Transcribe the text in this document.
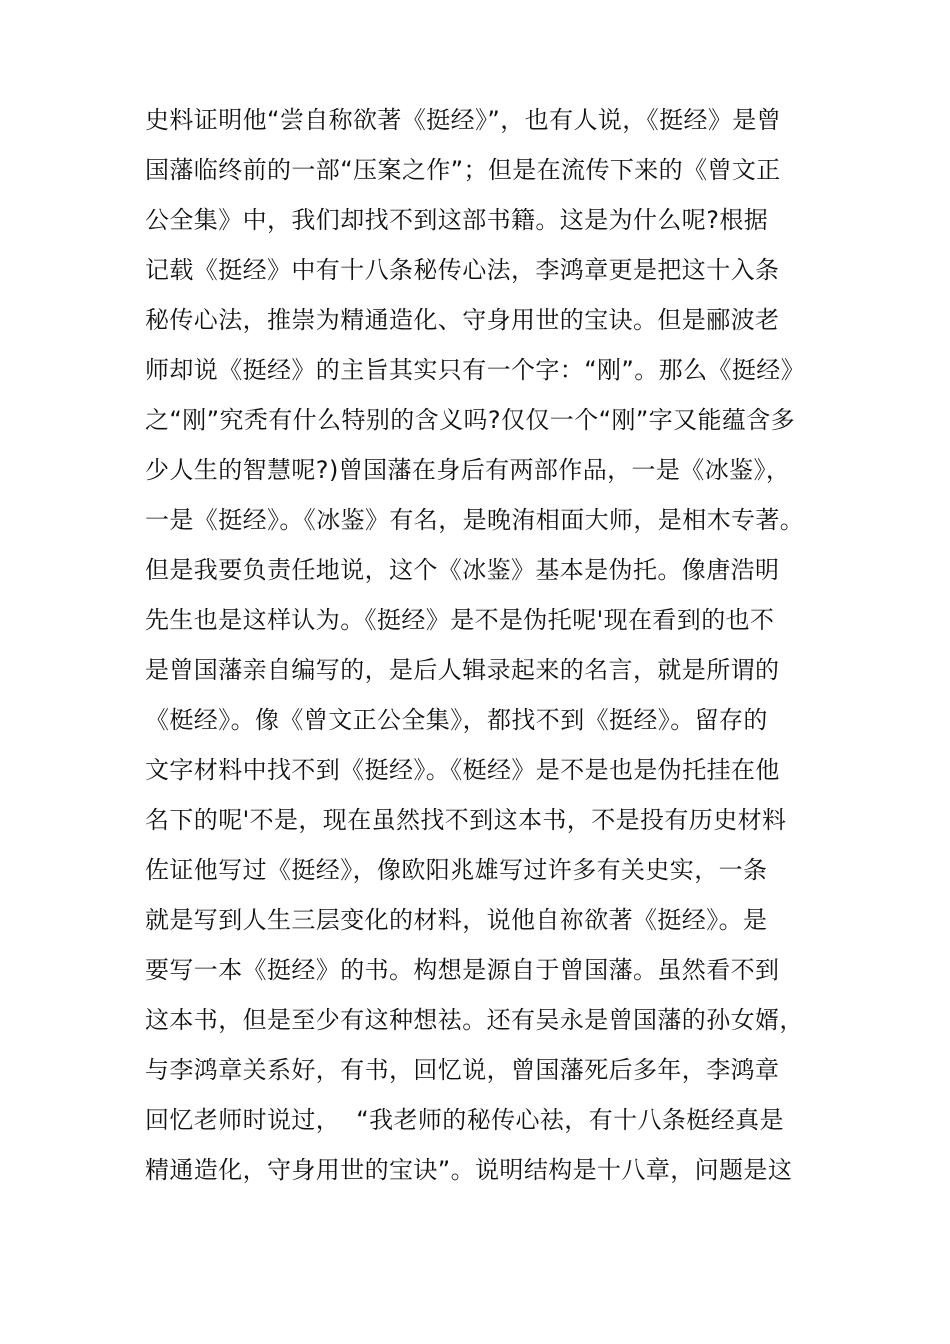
史料证明他“尝自称欲著《挺经》”，也有人说，《挺经》是曾
国藩临终前的一部“压案之作”；但是在流传下来的《曾文正
公全集》中，我们却找不到这部书籍。这是为什么呢?根据
记载《挺经》中有十八条秘传心法，李鸿章更是把这十入条
秘传心法，推崇为精通造化、守身用世的宝诀。但是郦波老
师却说《挺经》的主旨其实只有一个字：“刚”。那么《挺经》
之“刚”究秃有什么特别的含义吗?仅仅一个“刚”字又能蕴含多
少人生的智慧呢?)曾国藩在身后有两部作品，一是《冰鉴》，
一是《挺经》。《冰鉴》有名，是晚洧相面大师，是相木专著。
但是我要负责任地说，这个《冰鉴》基本是伪托。像唐浩明
先生也是这样认为。《挺经》是不是伪托呢'现在看到的也不
是曾国藩亲自编写的，是后人辑录起来的名言，就是所谓的
《梃经》。像《曾文正公全集》，都找不到《挺经》。留存的
文字材料中找不到《挺经》。《梃经》是不是也是伪托挂在他
名下的呢'不是，现在虽然找不到这本书，不是投有历史材料
佐证他写过《挺经》，像欧阳兆雄写过许多有关史实，一条
就是写到人生三层变化的材料，说他自祢欲著《挺经》。是
要写一本《挺经》的书。构想是源自于曾国藩。虽然看不到
这本书，但是至少有这种想祛。还有吴永是曾国藩的孙女婿，
与李鸿章关系好，有书，回忆说，曾国藩死后多年，李鸿章
回忆老师时说过，  “我老师的秘传心祛，有十八条梃经真是
精通造化，守身用世的宝诀”。说明结构是十八章，问题是这
